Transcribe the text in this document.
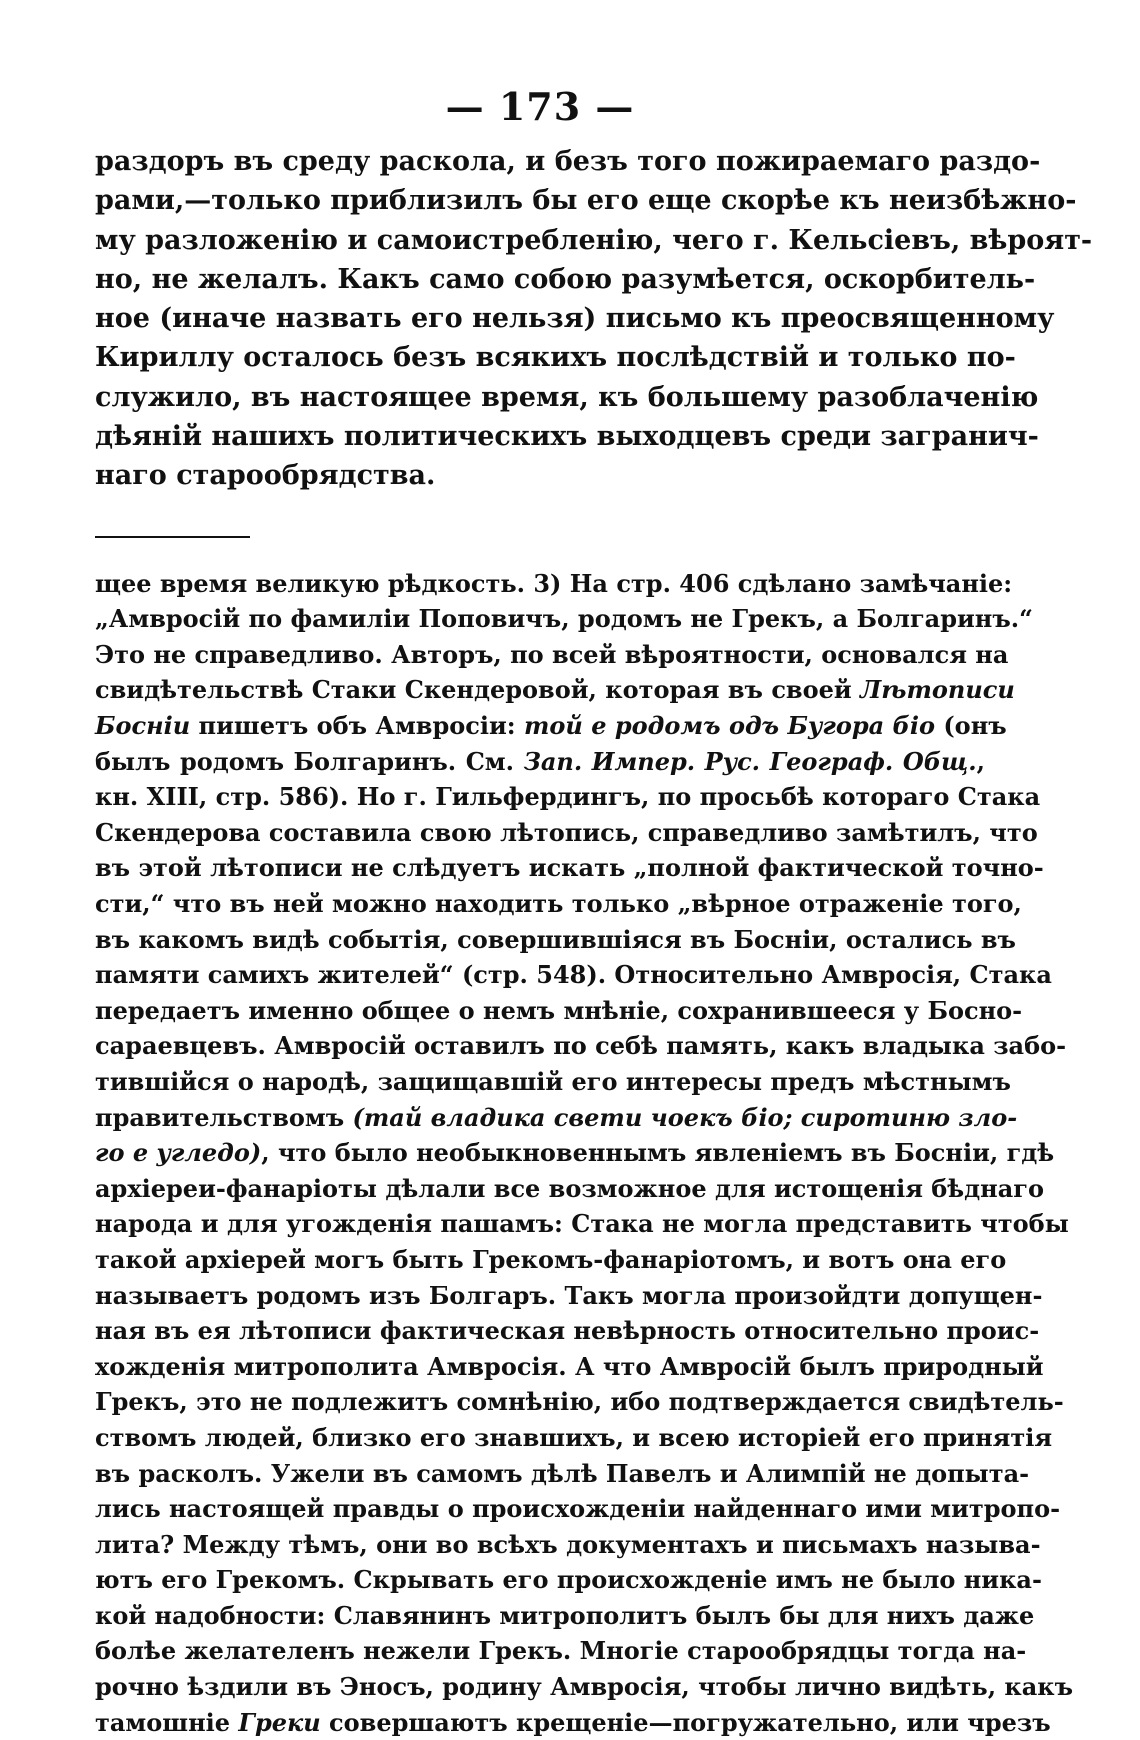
— 173 —
раздоръ въ среду раскола, и безъ того пожираемаго раздо-
рами,—только приблизилъ бы его еще скорѣе къ неизбѣжно-
му разложенію и самоистребленію, чего г. Кельсіевъ, вѣроят-
но, не желалъ. Какъ само собою разумѣется, оскорбитель-
ное (иначе назвать его нельзя) письмо къ преосвященному
Кириллу осталось безъ всякихъ послѣдствій и только по-
служило, въ настоящее время, къ большему разоблаченію
дѣяній нашихъ политическихъ выходцевъ среди загранич-
наго старообрядства.
щее время великую рѣдкость. 3) На стр. 406 сдѣлано замѣчаніе:
„Амвросій по фамиліи Поповичъ, родомъ не Грекъ, а Болгаринъ.“
Это не справедливо. Авторъ, по всей вѣроятности, основался на
свидѣтельствѣ Стаки Скендеровой, которая въ своей Лѣтописи
Босніи пишетъ объ Амвросіи: той е родомъ одъ Бугора біо (онъ
былъ родомъ Болгаринъ. См. Зап. Импер. Рус. Географ. Общ.,
кн. XIII, стр. 586). Но г. Гильфердингъ, по просьбѣ котораго Стака
Скендерова составила свою лѣтопись, справедливо замѣтилъ, что
въ этой лѣтописи не слѣдуетъ искать „полной фактической точно-
сти,“ что въ ней можно находить только „вѣрное отраженіе того,
въ какомъ видѣ событія, совершившіяся въ Босніи, остались въ
памяти самихъ жителей“ (стр. 548). Относительно Амвросія, Стака
передаетъ именно общее о немъ мнѣніе, сохранившееся у Босно-
сараевцевъ. Амвросій оставилъ по себѣ память, какъ владыка забо-
тившійся о народѣ, защищавшій его интересы предъ мѣстнымъ
правительствомъ (тай владика свети чоекъ біо; сиротиню зло-
го е угледо), что было необыкновеннымъ явленіемъ въ Босніи, гдѣ
архіереи-фанаріоты дѣлали все возможное для истощенія бѣднаго
народа и для угожденія пашамъ: Стака не могла представить чтобы
такой архіерей могъ быть Грекомъ-фанаріотомъ, и вотъ она его
называетъ родомъ изъ Болгаръ. Такъ могла произойдти допущен-
ная въ ея лѣтописи фактическая невѣрность относительно проис-
хожденія митрополита Амвросія. А что Амвросій былъ природный
Грекъ, это не подлежитъ сомнѣнію, ибо подтверждается свидѣтель-
ствомъ людей, близко его знавшихъ, и всею исторіей его принятія
въ расколъ. Ужели въ самомъ дѣлѣ Павелъ и Алимпій не допыта-
лись настоящей правды о происхожденіи найденнаго ими митропо-
лита? Между тѣмъ, они во всѣхъ документахъ и письмахъ называ-
ютъ его Грекомъ. Скрывать его происхожденіе имъ не было ника-
кой надобности: Славянинъ митрополитъ былъ бы для нихъ даже
болѣе желателенъ нежели Грекъ. Многіе старообрядцы тогда на-
рочно ѣздили въ Эносъ, родину Амвросія, чтобы лично видѣть, какъ
тамошніе Греки совершаютъ крещеніе—погружательно, или чрезъ
